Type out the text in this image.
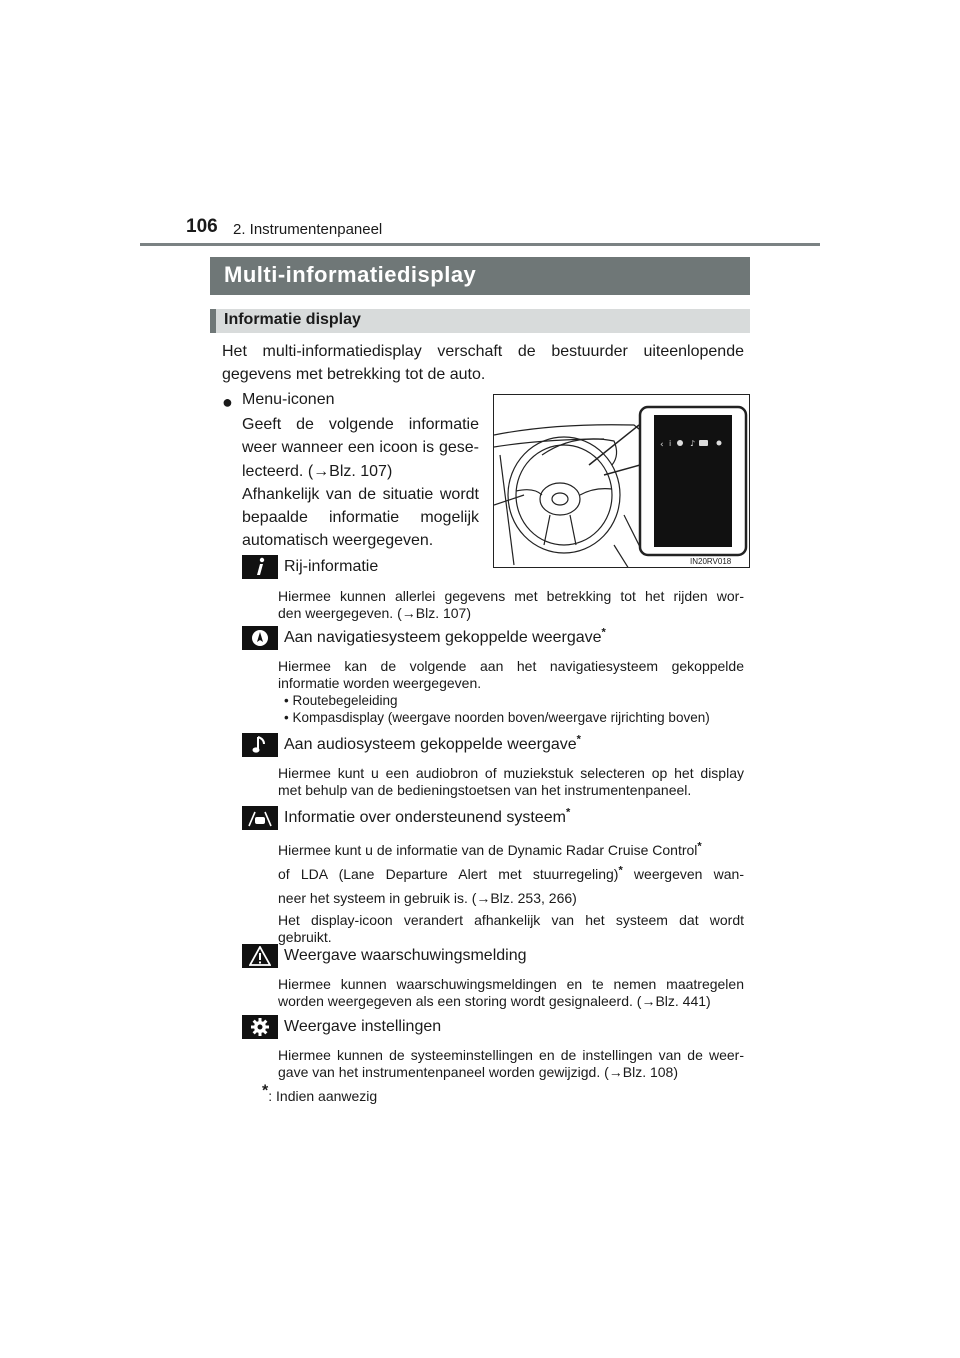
106 2. Instrumentenpaneel
Multi-informatiedisplay
Informatie display
Het multi-informatiedisplay verschaft de bestuurder uiteenlopende
gegevens met betrekking tot de auto.
● Menu-iconen
Geeft de volgende informatie
weer wanneer een icoon is gese-
lecteerd. (→Blz. 107)
Afhankelijk van de situatie wordt
bepaalde informatie mogelijk
automatisch weergegeven.
‹ i ♪
IN20RV018
Rij-informatie
Hiermee kunnen allerlei gegevens met betrekking tot het rijden wor-
den weergegeven. (→Blz. 107)
Aan navigatiesysteem gekoppelde weergave*
Hiermee kan de volgende aan het navigatiesysteem gekoppelde
informatie worden weergegeven.
• Routebegeleiding
• Kompasdisplay (weergave noorden boven/weergave rijrichting boven)
Aan audiosysteem gekoppelde weergave*
Hiermee kunt u een audiobron of muziekstuk selecteren op het display
met behulp van de bedieningstoetsen van het instrumentenpaneel.
Informatie over ondersteunend systeem*
Hiermee kunt u de informatie van de Dynamic Radar Cruise Control*
of LDA (Lane Departure Alert met stuurregeling)* weergeven wan-
neer het systeem in gebruik is. (→Blz. 253, 266)
Het display-icoon verandert afhankelijk van het systeem dat wordt
gebruikt.
Weergave waarschuwingsmelding
Hiermee kunnen waarschuwingsmeldingen en te nemen maatregelen
worden weergegeven als een storing wordt gesignaleerd. (→Blz. 441)
Weergave instellingen
Hiermee kunnen de systeeminstellingen en de instellingen van de weer-
gave van het instrumentenpaneel worden gewijzigd. (→Blz. 108)
*: Indien aanwezig
